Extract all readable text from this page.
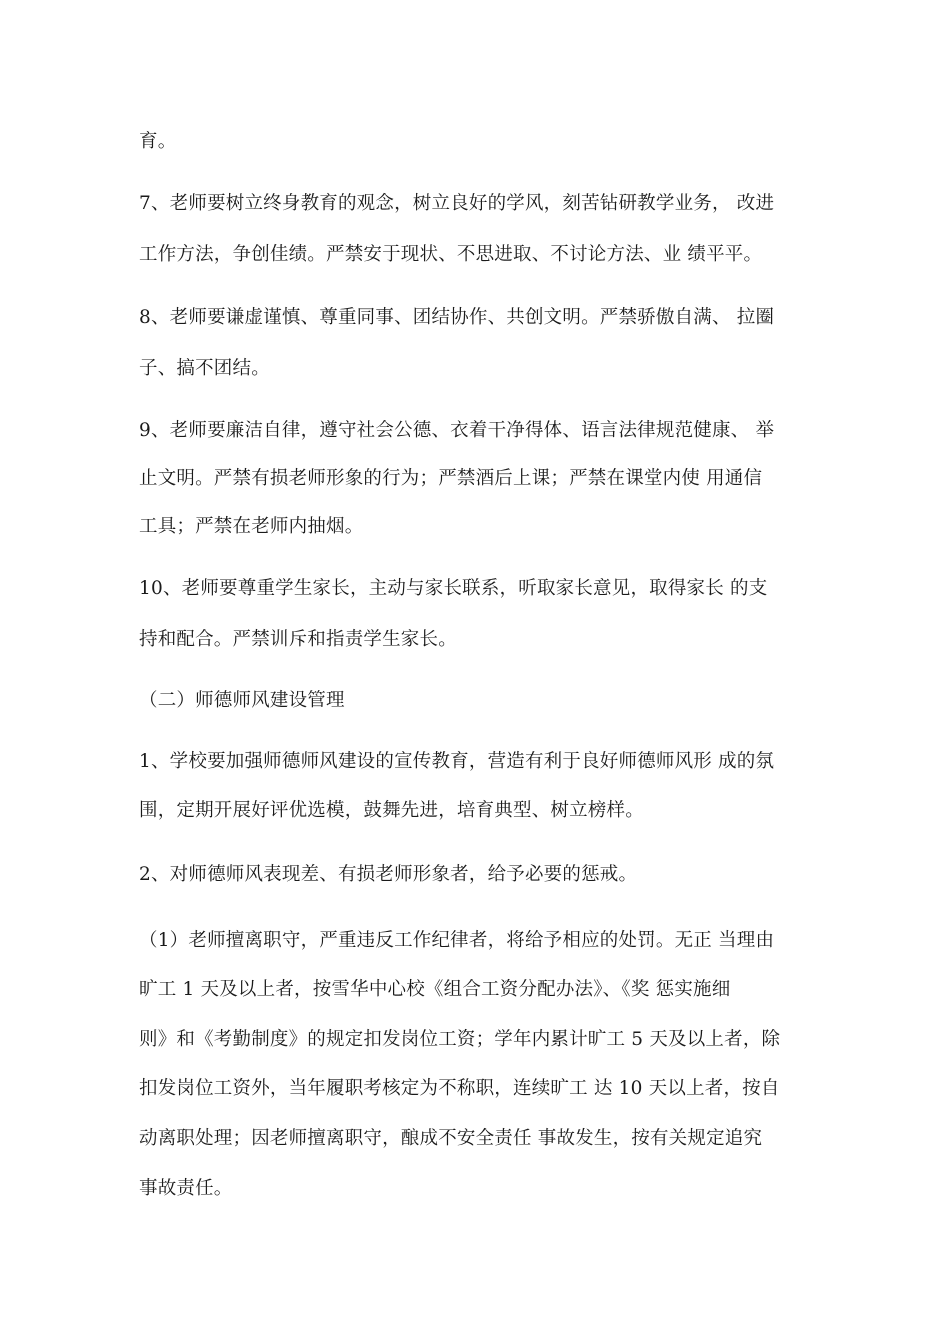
育。
7、老师要树立终身教育的观念，树立良好的学风，刻苦钻研教学业务， 改进
工作方法，争创佳绩。严禁安于现状、不思进取、不讨论方法、业 绩平平。
8、老师要谦虚谨慎、尊重同事、团结协作、共创文明。严禁骄傲自满、 拉圈
子、搞不团结。
9、老师要廉洁自律，遵守社会公德、衣着干净得体、语言法律规范健康、 举
止文明。严禁有损老师形象的行为；严禁酒后上课；严禁在课堂内使 用通信
工具；严禁在老师内抽烟。
10、老师要尊重学生家长，主动与家长联系，听取家长意见，取得家长 的支
持和配合。严禁训斥和指责学生家长。
（二）师德师风建设管理
1、学校要加强师德师风建设的宣传教育，营造有利于良好师德师风形 成的氛
围，定期开展好评优选模，鼓舞先进，培育典型、树立榜样。
2、对师德师风表现差、有损老师形象者，给予必要的惩戒。
（1）老师擅离职守，严重违反工作纪律者，将给予相应的处罚。无正 当理由
旷工 1 天及以上者，按雪华中心校《组合工资分配办法》、《奖 惩实施细
则》和《考勤制度》的规定扣发岗位工资；学年内累计旷工 5 天及以上者，除
扣发岗位工资外，当年履职考核定为不称职，连续旷工 达 10 天以上者，按自
动离职处理；因老师擅离职守，酿成不安全责任 事故发生，按有关规定追究
事故责任。
